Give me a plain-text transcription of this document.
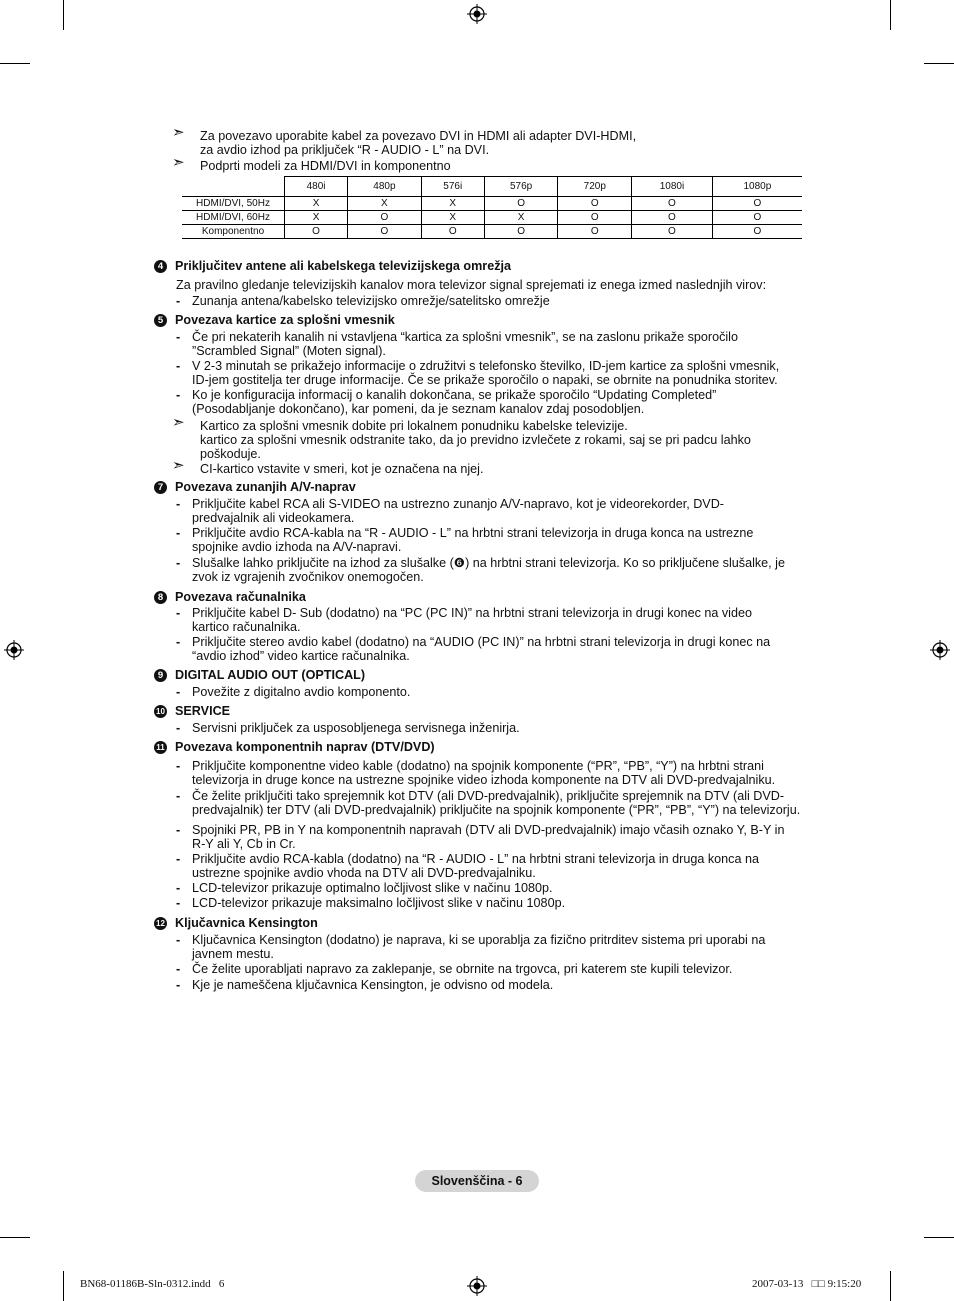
➣ Za povezavo uporabite kabel za povezavo DVI in HDMI ali adapter DVI-HDMI,
za avdio izhod pa priključek “R - AUDIO - L” na DVI.
➣ Podprti modeli za HDMI/DVI in komponentno
	480i	480p	576i	576p	720p	1080i	1080p
HDMI/DVI, 50Hz	X	X	X	O	O	O	O
HDMI/DVI, 60Hz	X	O	X	X	O	O	O
Komponentno	O	O	O	O	O	O	O
4 Priključitev antene ali kabelskega televizijskega omrežja
Za pravilno gledanje televizijskih kanalov mora televizor signal sprejemati iz enega izmed naslednjih virov:
- Zunanja antena/kabelsko televizijsko omrežje/satelitsko omrežje
5 Povezava kartice za splošni vmesnik
- Če pri nekaterih kanalih ni vstavljena “kartica za splošni vmesnik”, se na zaslonu prikaže sporočilo
”Scrambled Signal” (Moten signal).
- V 2-3 minutah se prikažejo informacije o združitvi s telefonsko številko, ID-jem kartice za splošni vmesnik,
ID-jem gostitelja ter druge informacije. Če se prikaže sporočilo o napaki, se obrnite na ponudnika storitev.
- Ko je konfiguracija informacij o kanalih dokončana, se prikaže sporočilo “Updating Completed”
(Posodabljanje dokončano), kar pomeni, da je seznam kanalov zdaj posodobljen.
➣ Kartico za splošni vmesnik dobite pri lokalnem ponudniku kabelske televizije.
kartico za splošni vmesnik odstranite tako, da jo previdno izvlečete z rokami, saj se pri padcu lahko
poškoduje.
➣ CI-kartico vstavite v smeri, kot je označena na njej.
7 Povezava zunanjih A/V-naprav
- Priključite kabel RCA ali S-VIDEO na ustrezno zunanjo A/V-napravo, kot je videorekorder, DVD-
predvajalnik ali videokamera.
- Priključite avdio RCA-kabla na “R - AUDIO - L” na hrbtni strani televizorja in druga konca na ustrezne
spojnike avdio izhoda na A/V-napravi.
- Slušalke lahko priključite na izhod za slušalke (❻) na hrbtni strani televizorja. Ko so priključene slušalke, je
zvok iz vgrajenih zvočnikov onemogočen.
8 Povezava računalnika
- Priključite kabel D- Sub (dodatno) na “PC (PC IN)” na hrbtni strani televizorja in drugi konec na video
kartico računalnika.
- Priključite stereo avdio kabel (dodatno) na “AUDIO (PC IN)” na hrbtni strani televizorja in drugi konec na
“avdio izhod” video kartice računalnika.
9 DIGITAL AUDIO OUT (OPTICAL)
- Povežite z digitalno avdio komponento.
10 SERVICE
- Servisni priključek za usposobljenega servisnega inženirja.
11 Povezava komponentnih naprav (DTV/DVD)
- Priključite komponentne video kable (dodatno) na spojnik komponente (“PR”, “PB”, “Y”) na hrbtni strani
televizorja in druge konce na ustrezne spojnike video izhoda komponente na DTV ali DVD-predvajalniku.
- Če želite priključiti tako sprejemnik kot DTV (ali DVD-predvajalnik), priključite sprejemnik na DTV (ali DVD-
predvajalnik) ter DTV (ali DVD-predvajalnik) priključite na spojnik komponente (“PR”, “PB”, “Y”) na televizorju.
- Spojniki PR, PB in Y na komponentnih napravah (DTV ali DVD-predvajalnik) imajo včasih oznako Y, B-Y in
R-Y ali Y, Cb in Cr.
- Priključite avdio RCA-kabla (dodatno) na “R - AUDIO - L” na hrbtni strani televizorja in druga konca na
ustrezne spojnike avdio vhoda na DTV ali DVD-predvajalniku.
- LCD-televizor prikazuje optimalno ločljivost slike v načinu 1080p.
- LCD-televizor prikazuje maksimalno ločljivost slike v načinu 1080p.
12 Ključavnica Kensington
- Ključavnica Kensington (dodatno) je naprava, ki se uporablja za fizično pritrditev sistema pri uporabi na
javnem mestu.
- Če želite uporabljati napravo za zaklepanje, se obrnite na trgovca, pri katerem ste kupili televizor.
- Kje je nameščena ključavnica Kensington, je odvisno od modela.
Slovenščina - 6
BN68-01186B-Sln-0312.indd   6	2007-03-13   □□ 9:15:20
